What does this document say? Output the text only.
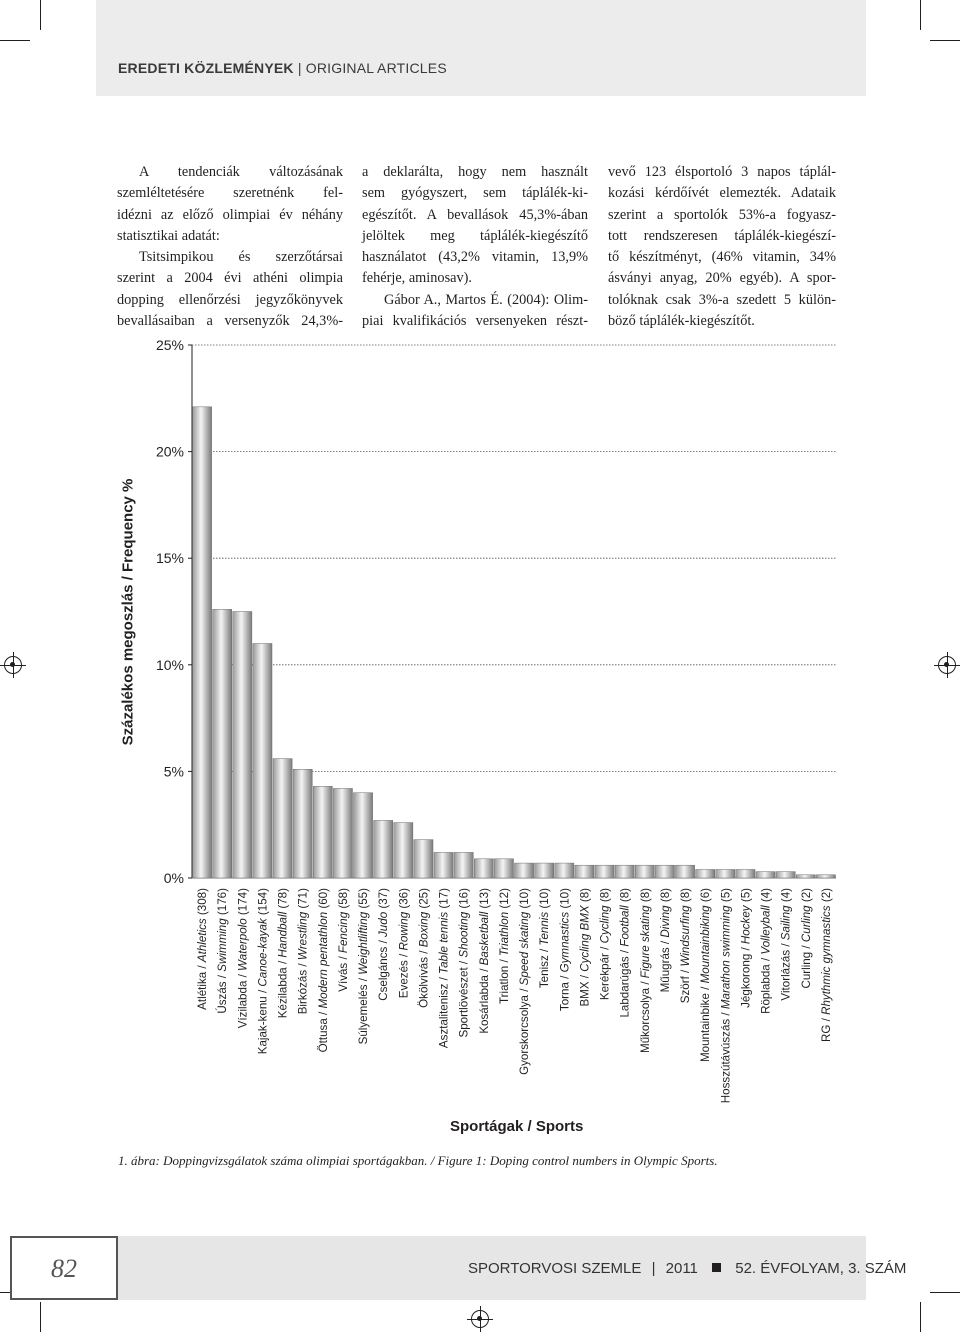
EREDETI KÖZLEMÉNYEK | ORIGINAL ARTICLES

A tendenciák változásának

szemléltetésére szeretnénk fel-

idézni az előző olimpiai év néhány

statisztikai adatát:

Tsitsimpikou és szerzőtársai

szerint a 2004 évi athéni olimpia

dopping ellenőrzési jegyzőkönyvek

bevallásaiban a versenyzők 24,3%-

a deklarálta, hogy nem használt

sem gyógyszert, sem táplálék-ki-

egészítőt. A bevallások 45,3%-ában

jelöltek meg táplálék-kiegészítő

használatot (43,2% vitamin, 13,9%

fehérje, aminosav).

Gábor A., Martos É. (2004): Olim-

piai kvalifikációs versenyeken részt-

vevő 123 élsportoló 3 napos táplál-

kozási kérdőívét elemezték. Adataik

szerint a sportolók 53%-a fogyasz-

tott rendszeresen táplálék-kiegészí-

tő készítményt, (46% vitamin, 34%

ásványi anyag, 20% egyéb). A spor-

tolóknak csak 3%-a szedett 5 külön-

böző táplálék-kiegészítőt.

Százalékos megoszlás / Frequency %
0%
5%
10%
15%
20%
25%
Atlétika / Athletics (308)
Úszás / Swimming (176)
Vízilabda / Waterpolo (174)
Kajak-kenu / Canoe-kayak (154)
Kézilabda / Handball (78)
Birkózás / Wrestling (71)
Öttusa / Modern pentathlon (60)
Vívás / Fencing (58)
Súlyemelés / Weightlifting (55)
Cselgáncs / Judo (37)
Evezés / Rowing (36)
Ökölvívás / Boxing (25)
Asztalitenisz / Table tennis (17)
Sportlövészet / Shooting (16)
Kosárlabda / Basketball (13)
Triatlon / Triathlon (12)
Gyorskorcsolya / Speed skating (10)
Tenisz / Tennis (10)
Torna / Gymnastics (10)
BMX / Cycling BMX (8)
Kerékpár / Cycling (8)
Labdarúgás / Football (8)
Műkorcsolya / Figure skating (8)
Műugrás / Diving (8)
Szörf / Windsurfing (8)
Mountainbike / Mountainbiking (6)
Hosszútávúszás / Marathon swimming (5)
Jégkorong / Hockey (5)
Röplabda / Volleyball (4)
Vitorlázás / Sailing (4)
Curling / Curling (2)
RG / Rhythmic gymnastics (2)
Sportágak / Sports
1. ábra: Doppingvizsgálatok száma olimpiai sportágakban. / Figure 1: Doping control numbers in Olympic Sports.
82	SPORTORVOSI SZEMLE | 2011 52. ÉVFOLYAM, 3. SZÁM
